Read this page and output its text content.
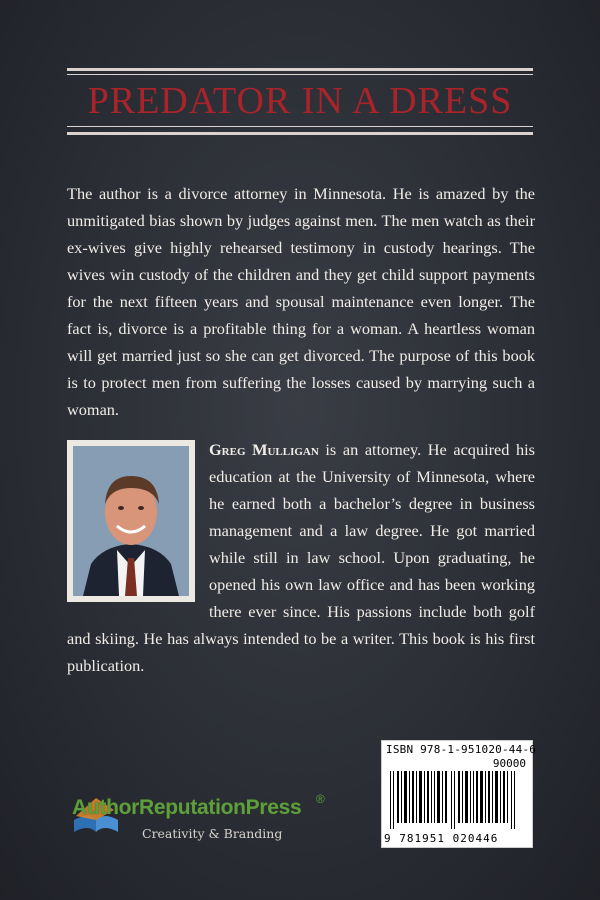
PREDATOR IN A DRESS
The author is a divorce attorney in Minnesota. He is amazed by the unmitigated bias shown by judges against men. The men watch as their ex-wives give highly rehearsed testimony in custody hearings. The wives win custody of the children and they get child support payments for the next fifteen years and spousal maintenance even longer. The fact is, divorce is a profitable thing for a woman. A heartless woman will get married just so she can get divorced. The purpose of this book is to protect men from suffering the losses caused by marrying such a woman.
Greg Mulligan is an attorney. He acquired his education at the University of Minnesota, where he earned both a bachelor’s degree in business management and a law degree. He got married while still in law school. Upon graduating, he opened his own law office and has been working there ever since. His passions include both golf and skiing. He has always intended to be a writer. This book is his first publication.
ISBN 978-1-951020-44-6
90000
9 781951 020446
AuthorReputationPress ®
Creativity & Branding
